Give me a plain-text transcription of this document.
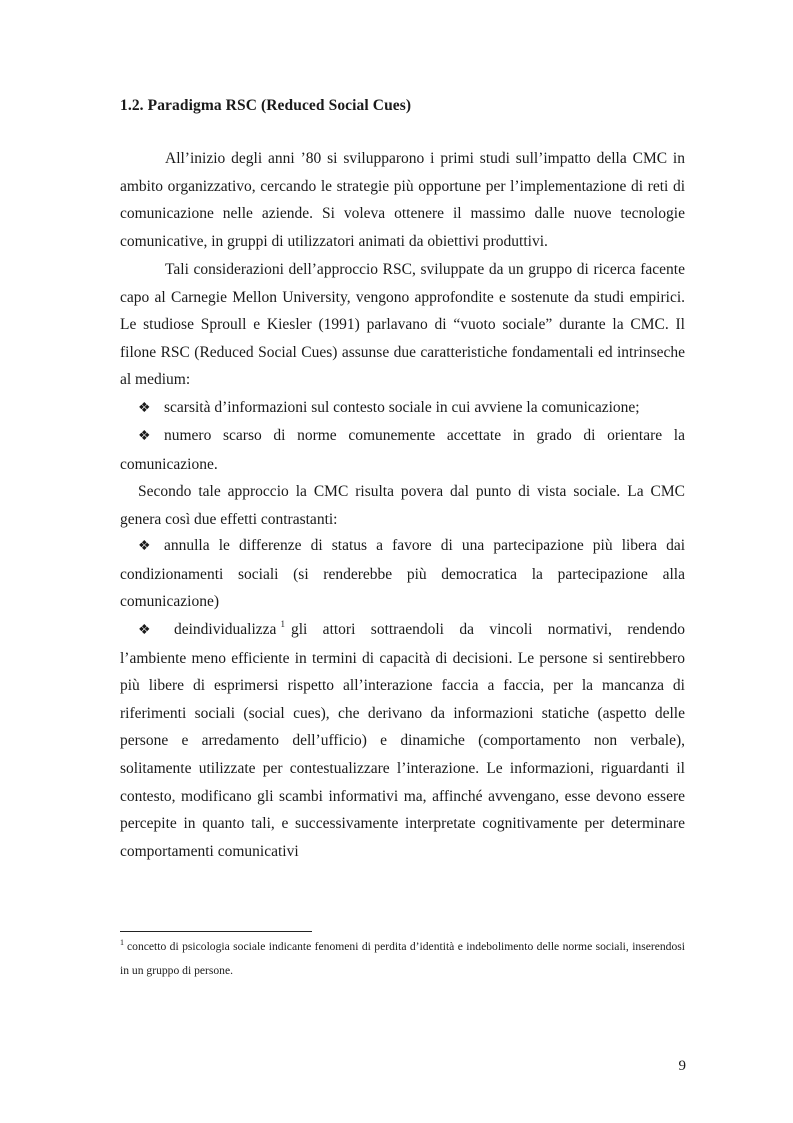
1.2. Paradigma RSC (Reduced Social Cues)

All’inizio degli anni ’80 si svilupparono i primi studi sull’impatto della CMC in ambito organizzativo, cercando le strategie più opportune per l’implementazione di reti di comunicazione nelle aziende. Si voleva ottenere il massimo dalle nuove tecnologie comunicative, in gruppi di utilizzatori animati da obiettivi produttivi.

Tali considerazioni dell’approccio RSC, sviluppate da un gruppo di ricerca facente capo al Carnegie Mellon University, vengono approfondite e sostenute da studi empirici. Le studiose Sproull e Kiesler (1991) parlavano di “vuoto sociale” durante la CMC. Il filone RSC (Reduced Social Cues) assunse due caratteristiche fondamentali ed intrinseche al medium:

❖ scarsità d’informazioni sul contesto sociale in cui avviene la comunicazione;

❖ numero scarso di norme comunemente accettate in grado di orientare la comunicazione.

Secondo tale approccio la CMC risulta povera dal punto di vista sociale. La CMC genera così due effetti contrastanti:

❖ annulla le differenze di status a favore di una partecipazione più libera dai condizionamenti sociali (si renderebbe più democratica la partecipazione alla comunicazione)

❖ deindividualizza $^1$ gli attori sottraendoli da vincoli normativi, rendendo l’ambiente meno efficiente in termini di capacità di decisioni. Le persone si sentirebbero più libere di esprimersi rispetto all’interazione faccia a faccia, per la mancanza di riferimenti sociali (social cues), che derivano da informazioni statiche (aspetto delle persone e arredamento dell’ufficio) e dinamiche (comportamento non verbale), solitamente utilizzate per contestualizzare l’interazione. Le informazioni, riguardanti il contesto, modificano gli scambi informativi ma, affinché avvengano, esse devono essere percepite in quanto tali, e successivamente interpretate cognitivamente per determinare comportamenti comunicativi

$^1$ concetto di psicologia sociale indicante fenomeni di perdita d’identità e indebolimento delle norme sociali, inserendosi in un gruppo di persone.

9
